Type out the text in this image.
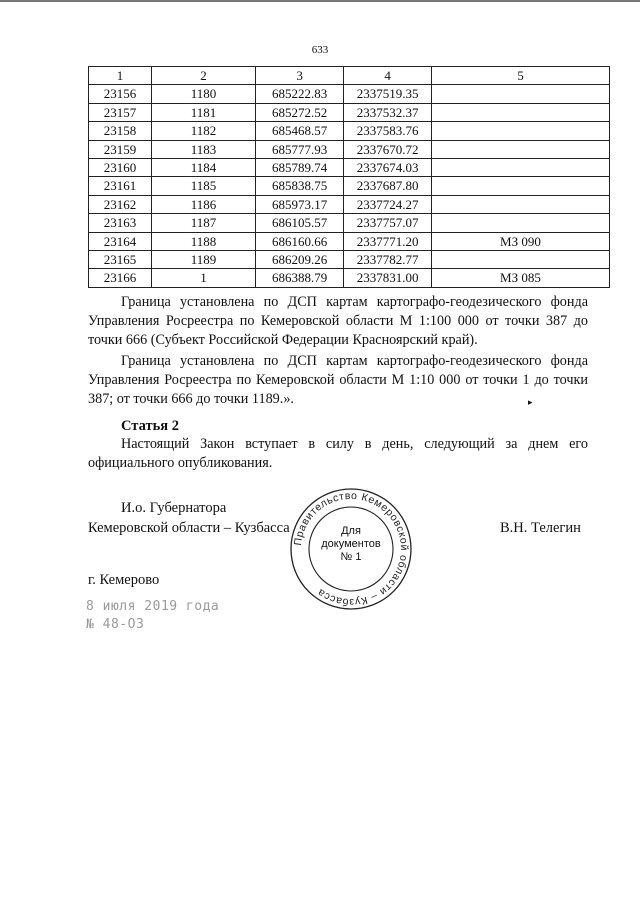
633
1	2	3	4	5
23156	1180	685222.83	2337519.35	
23157	1181	685272.52	2337532.37	
23158	1182	685468.57	2337583.76	
23159	1183	685777.93	2337670.72	
23160	1184	685789.74	2337674.03	
23161	1185	685838.75	2337687.80	
23162	1186	685973.17	2337724.27	
23163	1187	686105.57	2337757.07	
23164	1188	686160.66	2337771.20	МЗ 090
23165	1189	686209.26	2337782.77	
23166	1	686388.79	2337831.00	МЗ 085

Граница установлена по ДСП картам картографо-геодезического фонда Управления Росреестра по Кемеровской области М 1:100 000 от точки 387 до точки 666 (Субъект Российской Федерации Красноярский край).

Граница установлена по ДСП картам картографо-геодезического фонда Управления Росреестра по Кемеровской области М 1:10 000 от точки 1 до точки 387; от точки 666 до точки 1189.».	▸
Статья 2

Настоящий Закон вступает в силу в день, следующий за днем его официального опубликования.

И.о. Губернатора
Кемеровской области – Кузбасса	В.Н. Телегин
Правительство Кемеровской области – Кузбасса
Для
документов
№ 1
г. Кемерово
8 июля 2019 года
№ 48-ОЗ
